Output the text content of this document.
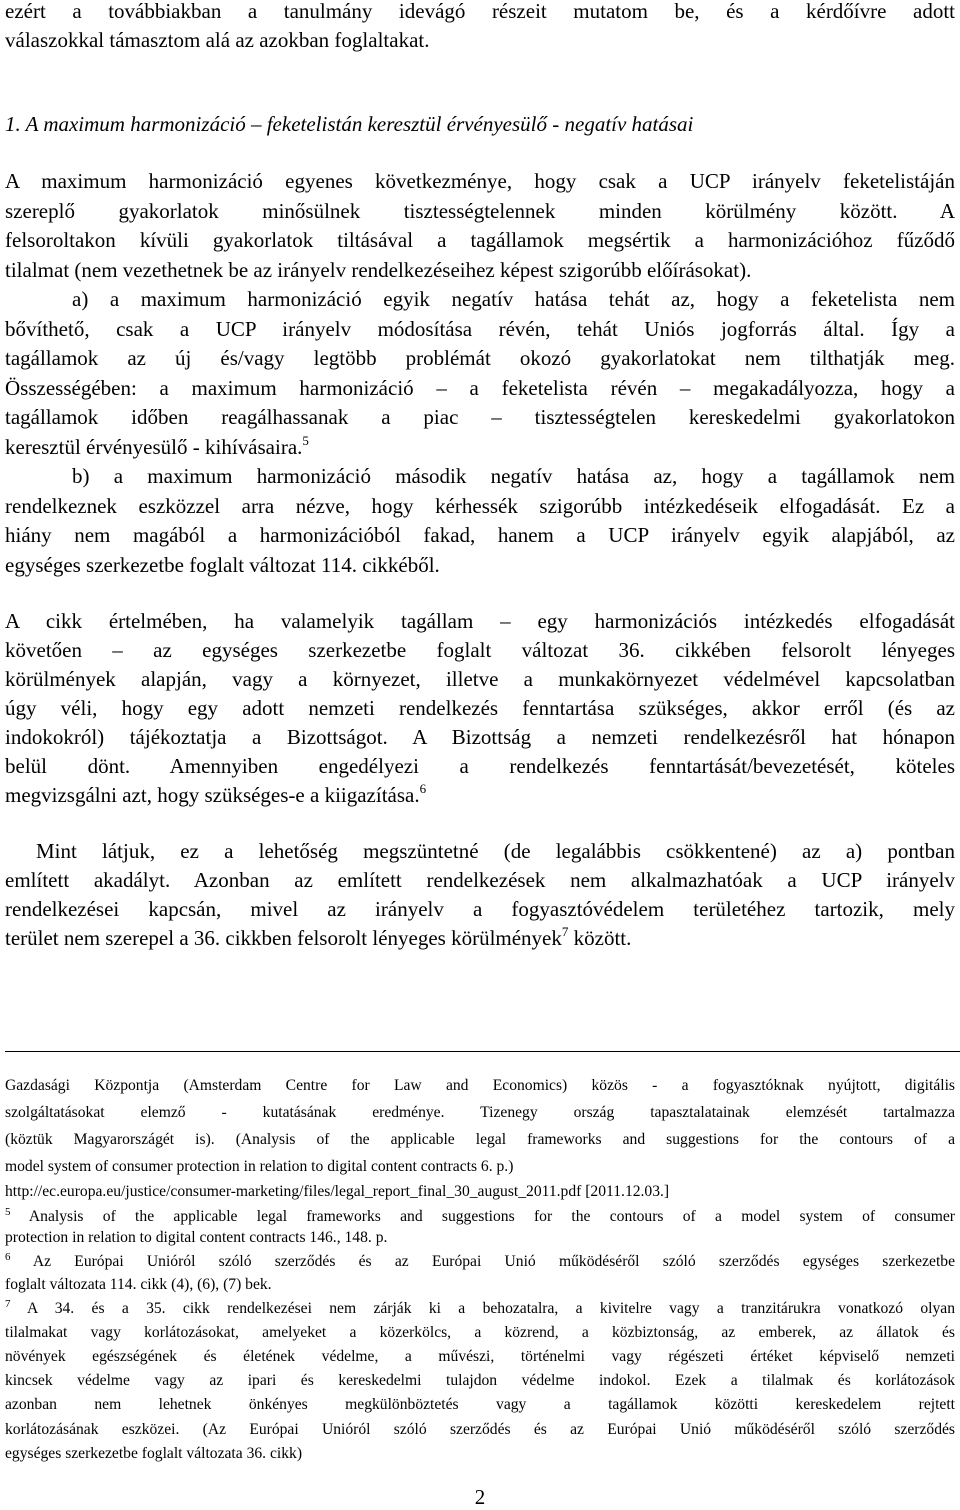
ezért a továbbiakban a tanulmány idevágó részeit mutatom be, és a kérdőívre adott
válaszokkal támasztom alá az azokban foglaltakat.
1. A maximum harmonizáció – feketelistán keresztül érvényesülő - negatív hatásai
A maximum harmonizáció egyenes következménye, hogy csak a UCP irányelv feketelistáján
szereplő gyakorlatok minősülnek tisztességtelennek minden körülmény között. A
felsoroltakon kívüli gyakorlatok tiltásával a tagállamok megsértik a harmonizációhoz fűződő
tilalmat (nem vezethetnek be az irányelv rendelkezéseihez képest szigorúbb előírásokat).
a) a maximum harmonizáció egyik negatív hatása tehát az, hogy a feketelista nem
bővíthető, csak a UCP irányelv módosítása révén, tehát Uniós jogforrás által. Így a
tagállamok az új és/vagy legtöbb problémát okozó gyakorlatokat nem tilthatják meg.
Összességében: a maximum harmonizáció – a feketelista révén – megakadályozza, hogy a
tagállamok időben reagálhassanak a piac – tisztességtelen kereskedelmi gyakorlatokon
keresztül érvényesülő - kihívásaira.$^5$
b) a maximum harmonizáció második negatív hatása az, hogy a tagállamok nem
rendelkeznek eszközzel arra nézve, hogy kérhessék szigorúbb intézkedéseik elfogadását. Ez a
hiány nem magából a harmonizációból fakad, hanem a UCP irányelv egyik alapjából, az
egységes szerkezetbe foglalt változat 114. cikkéből.
A cikk értelmében, ha valamelyik tagállam – egy harmonizációs intézkedés elfogadását
követően – az egységes szerkezetbe foglalt változat 36. cikkében felsorolt lényeges
körülmények alapján, vagy a környezet, illetve a munkakörnyezet védelmével kapcsolatban
úgy véli, hogy egy adott nemzeti rendelkezés fenntartása szükséges, akkor erről (és az
indokokról) tájékoztatja a Bizottságot. A Bizottság a nemzeti rendelkezésről hat hónapon
belül dönt. Amennyiben engedélyezi a rendelkezés fenntartását/bevezetését, köteles
megvizsgálni azt, hogy szükséges-e a kiigazítása.$^6$
Mint látjuk, ez a lehetőség megszüntetné (de legalábbis csökkentené) az a) pontban
említett akadályt. Azonban az említett rendelkezések nem alkalmazhatóak a UCP irányelv
rendelkezései kapcsán, mivel az irányelv a fogyasztóvédelem területéhez tartozik, mely
terület nem szerepel a 36. cikkben felsorolt lényeges körülmények$^7$ között.
Gazdasági Központja (Amsterdam Centre for Law and Economics) közös - a fogyasztóknak nyújtott, digitális
szolgáltatásokat elemző - kutatásának eredménye. Tizenegy ország tapasztalatainak elemzését tartalmazza
(köztük Magyarországét is). (Analysis of the applicable legal frameworks and suggestions for the contours of a
model system of consumer protection in relation to digital content contracts 6. p.)
http://ec.europa.eu/justice/consumer-marketing/files/legal_report_final_30_august_2011.pdf [2011.12.03.]
$^5$ Analysis of the applicable legal frameworks and suggestions for the contours of a model system of consumer
protection in relation to digital content contracts 146., 148. p.
$^6$ Az Európai Unióról szóló szerződés és az Európai Unió működéséről szóló szerződés egységes szerkezetbe
foglalt változata 114. cikk (4), (6), (7) bek.
$^7$ A 34. és a 35. cikk rendelkezései nem zárják ki a behozatalra, a kivitelre vagy a tranzitárukra vonatkozó olyan
tilalmakat vagy korlátozásokat, amelyeket a közerkölcs, a közrend, a közbiztonság, az emberek, az állatok és
növények egészségének és életének védelme, a művészi, történelmi vagy régészeti értéket képviselő nemzeti
kincsek védelme vagy az ipari és kereskedelmi tulajdon védelme indokol. Ezek a tilalmak és korlátozások
azonban nem lehetnek önkényes megkülönböztetés vagy a tagállamok közötti kereskedelem rejtett
korlátozásának eszközei. (Az Európai Unióról szóló szerződés és az Európai Unió működéséről szóló szerződés
egységes szerkezetbe foglalt változata 36. cikk)
2
